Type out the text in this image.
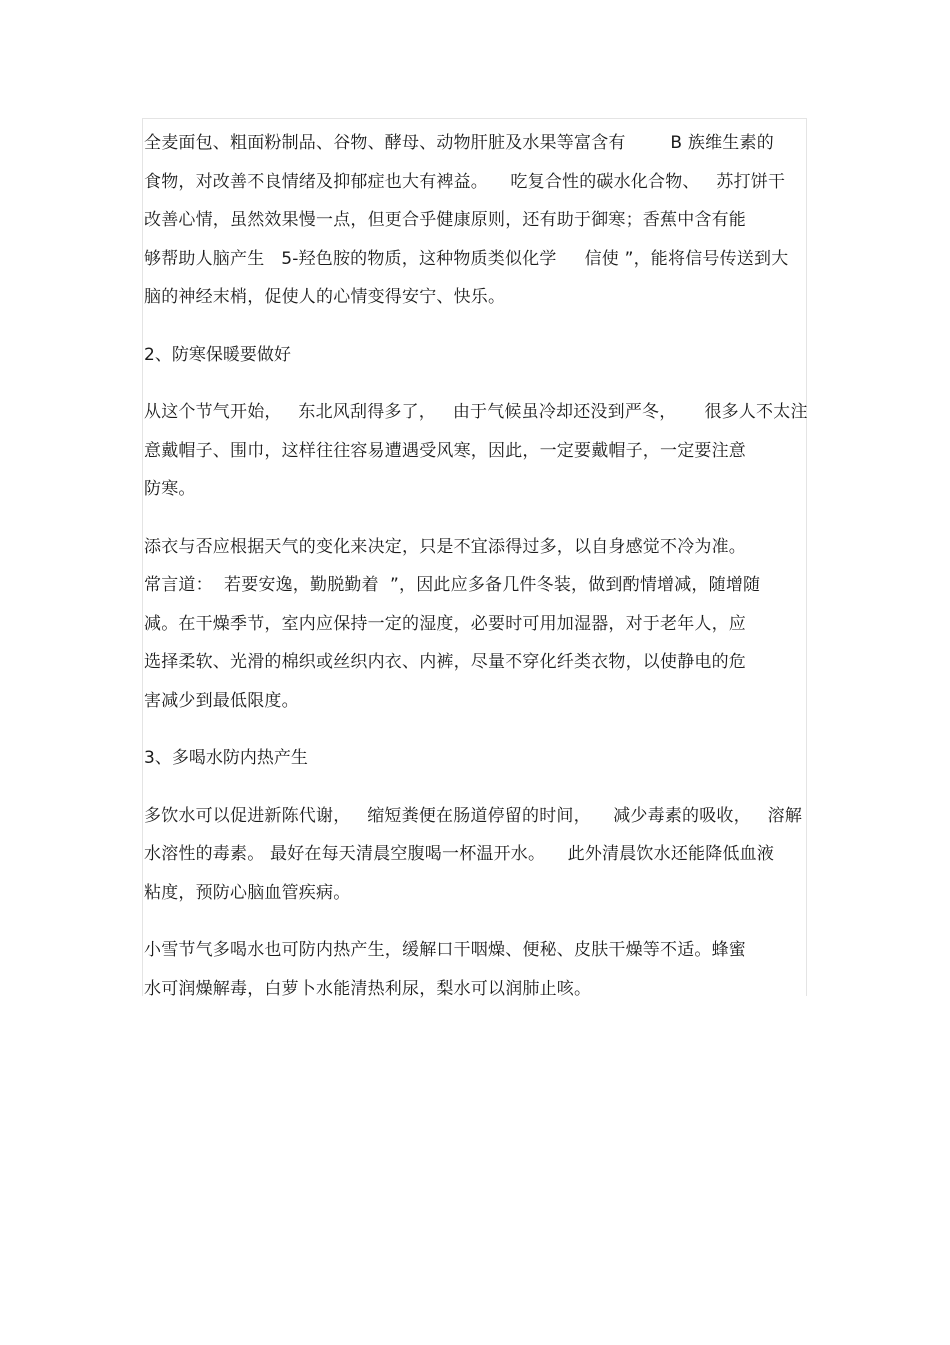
全麦面包、粗面粉制品、谷物、酵母、动物肝脏及水果等富含有        B 族维生素的
食物，对改善不良情绪及抑郁症也大有裨益。    吃复合性的碳水化合物、   苏打饼干
改善心情，虽然效果慢一点，但更合乎健康原则，还有助于御寒；香蕉中含有能
够帮助人脑产生   5-羟色胺的物质，这种物质类似化学     信使 ”，能将信号传送到大
脑的神经末梢，促使人的心情变得安宁、快乐。
2、防寒保暖要做好
从这个节气开始，   东北风刮得多了，   由于气候虽冷却还没到严冬，     很多人不太注
意戴帽子、围巾，这样往往容易遭遇受风寒，因此，一定要戴帽子，一定要注意
防寒。
添衣与否应根据天气的变化来决定，只是不宜添得过多，以自身感觉不冷为准。
常言道：  若要安逸，勤脱勤着  ”，因此应多备几件冬装，做到酌情增减，随增随
减。在干燥季节，室内应保持一定的湿度，必要时可用加湿器，对于老年人，应
选择柔软、光滑的棉织或丝织内衣、内裤，尽量不穿化纤类衣物，以使静电的危
害减少到最低限度。
3、多喝水防内热产生
多饮水可以促进新陈代谢，   缩短粪便在肠道停留的时间，    减少毒素的吸收，   溶解
水溶性的毒素。 最好在每天清晨空腹喝一杯温开水。    此外清晨饮水还能降低血液
粘度，预防心脑血管疾病。
小雪节气多喝水也可防内热产生，缓解口干咽燥、便秘、皮肤干燥等不适。蜂蜜
水可润燥解毒，白萝卜水能清热利尿，梨水可以润肺止咳。
